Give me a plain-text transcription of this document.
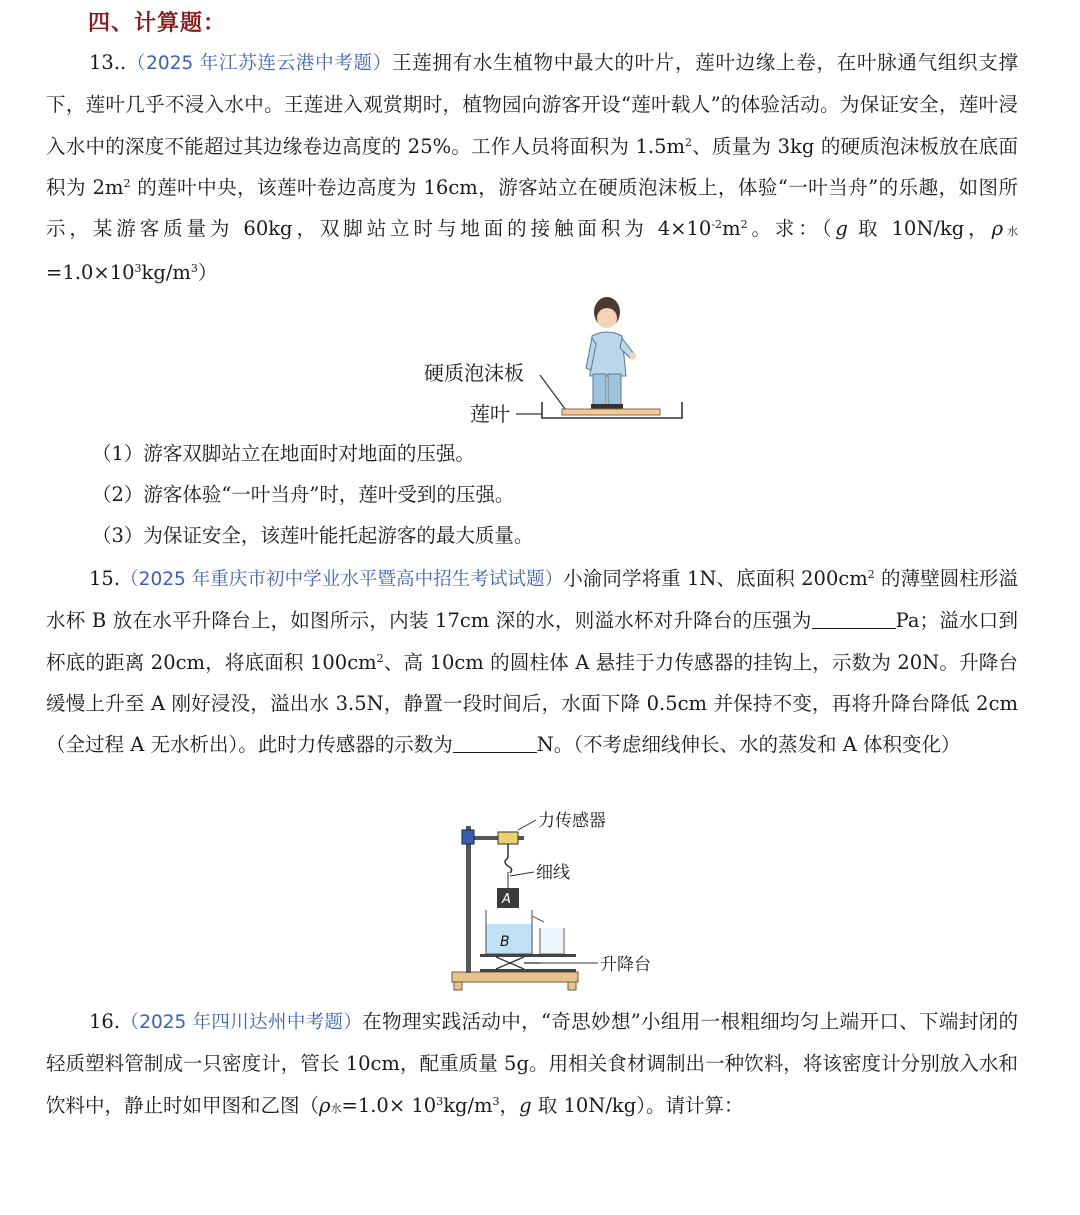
四、计算题：
13..（2025 年江苏连云港中考题）王莲拥有水生植物中最大的叶片，莲叶边缘上卷，在叶脉通气组织支撑下，莲叶几乎不浸入水中。王莲进入观赏期时，植物园向游客开设“莲叶载人”的体验活动。为保证安全，莲叶浸入水中的深度不能超过其边缘卷边高度的 25%。工作人员将面积为 $1.5m^2$、质量为 3kg 的硬质泡沫板放在底面积为 $2m^2$ 的莲叶中央，该莲叶卷边高度为 16cm，游客站立在硬质泡沫板上，体验“一叶当舟”的乐趣，如图所示，某游客质量为 60kg，双脚站立时与地面的接触面积为 $4\times 10^{-2}m^2$。求：（g 取 10N/kg，ρ水$=1.0\times 10^3kg/m^3$）
硬质泡沫板
莲叶
（1）游客双脚站立在地面时对地面的压强。
（2）游客体验“一叶当舟”时，莲叶受到的压强。
（3）为保证安全，该莲叶能托起游客的最大质量。
15.（2025 年重庆市初中学业水平暨高中招生考试试题）小渝同学将重 1N、底面积 $200cm^2$ 的薄壁圆柱形溢水杯 B 放在水平升降台上，如图所示，内装 17cm 深的水，则溢水杯对升降台的压强为	Pa；溢水口到杯底的距离 20cm，将底面积 $100cm^2$、高 10cm 的圆柱体 A 悬挂于力传感器的挂钩上，示数为 20N。升降台缓慢上升至 A 刚好浸没，溢出水 3.5N，静置一段时间后，水面下降 0.5cm 并保持不变，再将升降台降低 2cm（全过程 A 无水析出）。此时力传感器的示数为	N。（不考虑细线伸长、水的蒸发和 A 体积变化）
力传感器
细线
A
B
升降台
16.（2025 年四川达州中考题）在物理实践活动中，“奇思妙想”小组用一根粗细均匀上端开口、下端封闭的轻质塑料管制成一只密度计，管长 10cm，配重质量 5g。用相关食材调制出一种饮料，将该密度计分别放入水和饮料中，静止时如甲图和乙图（ρ水$=1.0\times 10^3kg/m^3$，g 取 10N/kg）。请计算：
